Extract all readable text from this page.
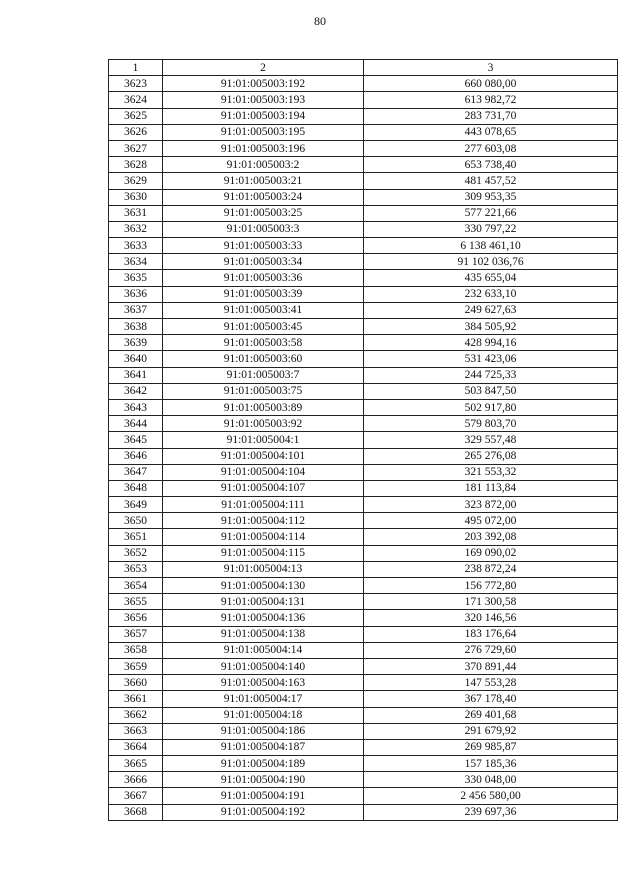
80
1	2	3
3623	91:01:005003:192	660 080,00
3624	91:01:005003:193	613 982,72
3625	91:01:005003:194	283 731,70
3626	91:01:005003:195	443 078,65
3627	91:01:005003:196	277 603,08
3628	91:01:005003:2	653 738,40
3629	91:01:005003:21	481 457,52
3630	91:01:005003:24	309 953,35
3631	91:01:005003:25	577 221,66
3632	91:01:005003:3	330 797,22
3633	91:01:005003:33	6 138 461,10
3634	91:01:005003:34	91 102 036,76
3635	91:01:005003:36	435 655,04
3636	91:01:005003:39	232 633,10
3637	91:01:005003:41	249 627,63
3638	91:01:005003:45	384 505,92
3639	91:01:005003:58	428 994,16
3640	91:01:005003:60	531 423,06
3641	91:01:005003:7	244 725,33
3642	91:01:005003:75	503 847,50
3643	91:01:005003:89	502 917,80
3644	91:01:005003:92	579 803,70
3645	91:01:005004:1	329 557,48
3646	91:01:005004:101	265 276,08
3647	91:01:005004:104	321 553,32
3648	91:01:005004:107	181 113,84
3649	91:01:005004:111	323 872,00
3650	91:01:005004:112	495 072,00
3651	91:01:005004:114	203 392,08
3652	91:01:005004:115	169 090,02
3653	91:01:005004:13	238 872,24
3654	91:01:005004:130	156 772,80
3655	91:01:005004:131	171 300,58
3656	91:01:005004:136	320 146,56
3657	91:01:005004:138	183 176,64
3658	91:01:005004:14	276 729,60
3659	91:01:005004:140	370 891,44
3660	91:01:005004:163	147 553,28
3661	91:01:005004:17	367 178,40
3662	91:01:005004:18	269 401,68
3663	91:01:005004:186	291 679,92
3664	91:01:005004:187	269 985,87
3665	91:01:005004:189	157 185,36
3666	91:01:005004:190	330 048,00
3667	91:01:005004:191	2 456 580,00
3668	91:01:005004:192	239 697,36
